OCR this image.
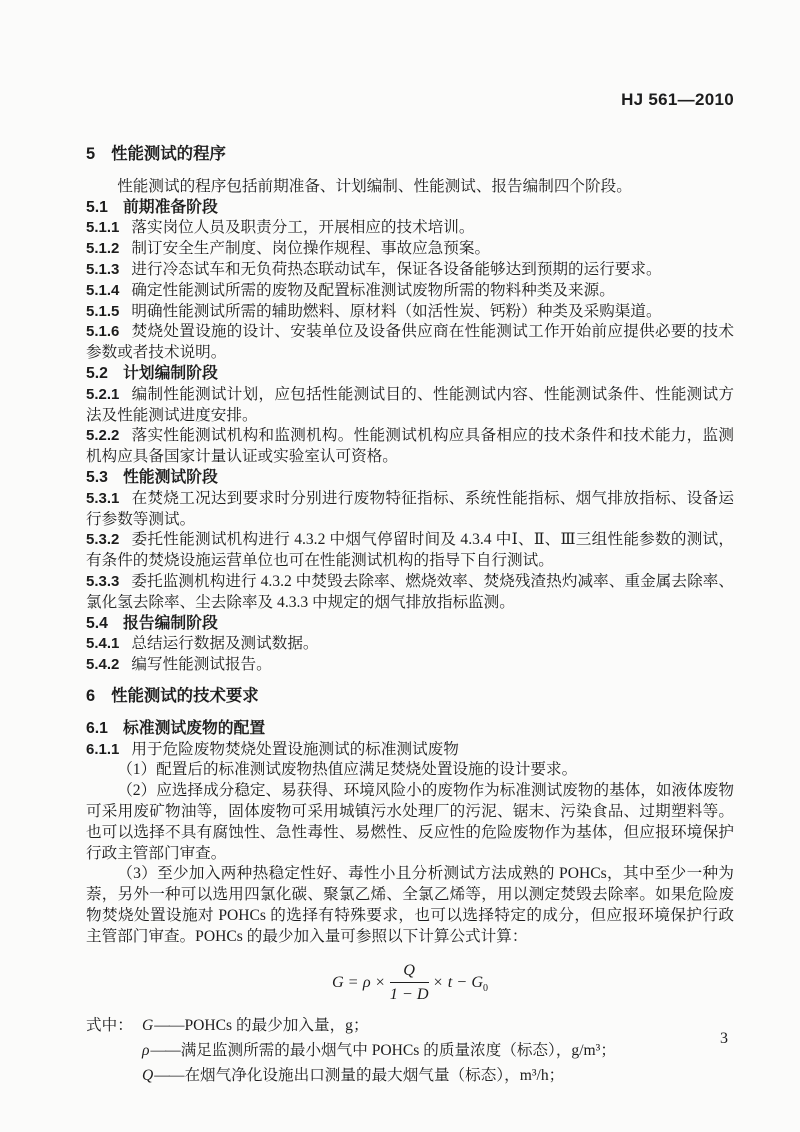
HJ 561—2010

5 性能测试的程序

性能测试的程序包括前期准备、计划编制、性能测试、报告编制四个阶段。

5.1 前期准备阶段

5.1.1 落实岗位人员及职责分工，开展相应的技术培训。

5.1.2 制订安全生产制度、岗位操作规程、事故应急预案。

5.1.3 进行冷态试车和无负荷热态联动试车，保证各设备能够达到预期的运行要求。

5.1.4 确定性能测试所需的废物及配置标准测试废物所需的物料种类及来源。

5.1.5 明确性能测试所需的辅助燃料、原材料（如活性炭、钙粉）种类及采购渠道。

5.1.6 焚烧处置设施的设计、安装单位及设备供应商在性能测试工作开始前应提供必要的技术参数或者技术说明。

5.2 计划编制阶段

5.2.1 编制性能测试计划，应包括性能测试目的、性能测试内容、性能测试条件、性能测试方法及性能测试进度安排。

5.2.2 落实性能测试机构和监测机构。性能测试机构应具备相应的技术条件和技术能力，监测机构应具备国家计量认证或实验室认可资格。

5.3 性能测试阶段

5.3.1 在焚烧工况达到要求时分别进行废物特征指标、系统性能指标、烟气排放指标、设备运行参数等测试。

5.3.2 委托性能测试机构进行 4.3.2 中烟气停留时间及 4.3.4 中Ⅰ、Ⅱ、Ⅲ三组性能参数的测试，有条件的焚烧设施运营单位也可在性能测试机构的指导下自行测试。

5.3.3 委托监测机构进行 4.3.2 中焚毁去除率、燃烧效率、焚烧残渣热灼减率、重金属去除率、氯化氢去除率、尘去除率及 4.3.3 中规定的烟气排放指标监测。

5.4 报告编制阶段

5.4.1 总结运行数据及测试数据。

5.4.2 编写性能测试报告。

6 性能测试的技术要求

6.1 标准测试废物的配置

6.1.1 用于危险废物焚烧处置设施测试的标准测试废物

（1）配置后的标准测试废物热值应满足焚烧处置设施的设计要求。

（2）应选择成分稳定、易获得、环境风险小的废物作为标准测试废物的基体，如液体废物可采用废矿物油等，固体废物可采用城镇污水处理厂的污泥、锯末、污染食品、过期塑料等。也可以选择不具有腐蚀性、急性毒性、易燃性、反应性的危险废物作为基体，但应报环境保护行政主管部门审查。

（3）至少加入两种热稳定性好、毒性小且分析测试方法成熟的 POHCs，其中至少一种为萘，另外一种可以选用四氯化碳、聚氯乙烯、全氯乙烯等，用以测定焚毁去除率。如果危险废物焚烧处置设施对 POHCs 的选择有特殊要求，也可以选择特定的成分，但应报环境保护行政主管部门审查。POHCs 的最少加入量可参照以下计算公式计算：

$G = \rho \times \frac{Q}{1 - D} \times t - G_0$
式中： G——POHCs 的最少加入量，g；
ρ——满足监测所需的最小烟气中 POHCs 的质量浓度（标态），g/m³；
Q——在烟气净化设施出口测量的最大烟气量（标态），m³/h；
3
